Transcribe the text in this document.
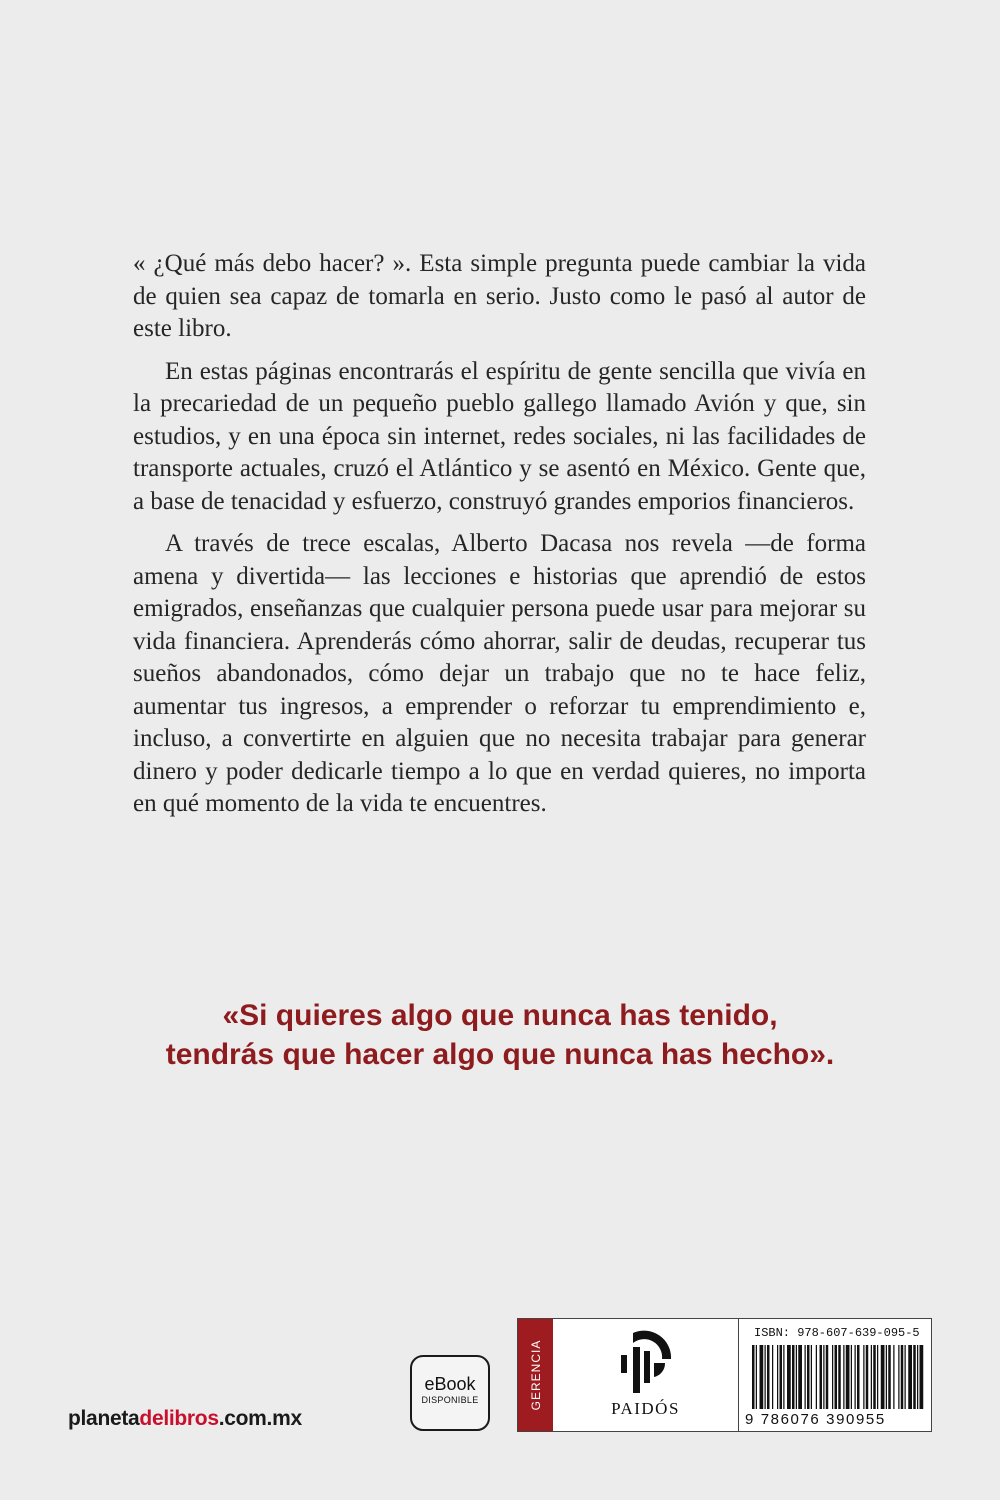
« ¿Qué más debo hacer? ». Esta simple pregunta puede cambiar la vida de quien sea capaz de tomarla en serio. Justo como le pasó al autor de este libro.

En estas páginas encontrarás el espíritu de gente sencilla que vivía en la precariedad de un pequeño pueblo gallego llamado Avión y que, sin estudios, y en una época sin internet, redes sociales, ni las facilidades de transporte actuales, cruzó el Atlántico y se asentó en México. Gente que, a base de tenacidad y esfuerzo, construyó grandes emporios financieros.

A través de trece escalas, Alberto Dacasa nos revela —de forma amena y divertida— las lecciones e historias que aprendió de estos emigrados, enseñanzas que cualquier persona puede usar para mejorar su vida financiera. Aprenderás cómo ahorrar, salir de deudas, recuperar tus sueños abandonados, cómo dejar un trabajo que no te hace feliz, aumentar tus ingresos, a emprender o reforzar tu emprendimiento e, incluso, a convertirte en alguien que no necesita trabajar para generar dinero y poder dedicarle tiempo a lo que en verdad quieres, no importa en qué momento de la vida te encuentres.

«Si quieres algo que nunca has tenido,
tendrás que hacer algo que nunca has hecho».
planetadelibros.com.mx
eBook
DISPONIBLE	GERENCIA	PAIDÓS
ISBN: 978-607-639-095-5
9 786076 390955
